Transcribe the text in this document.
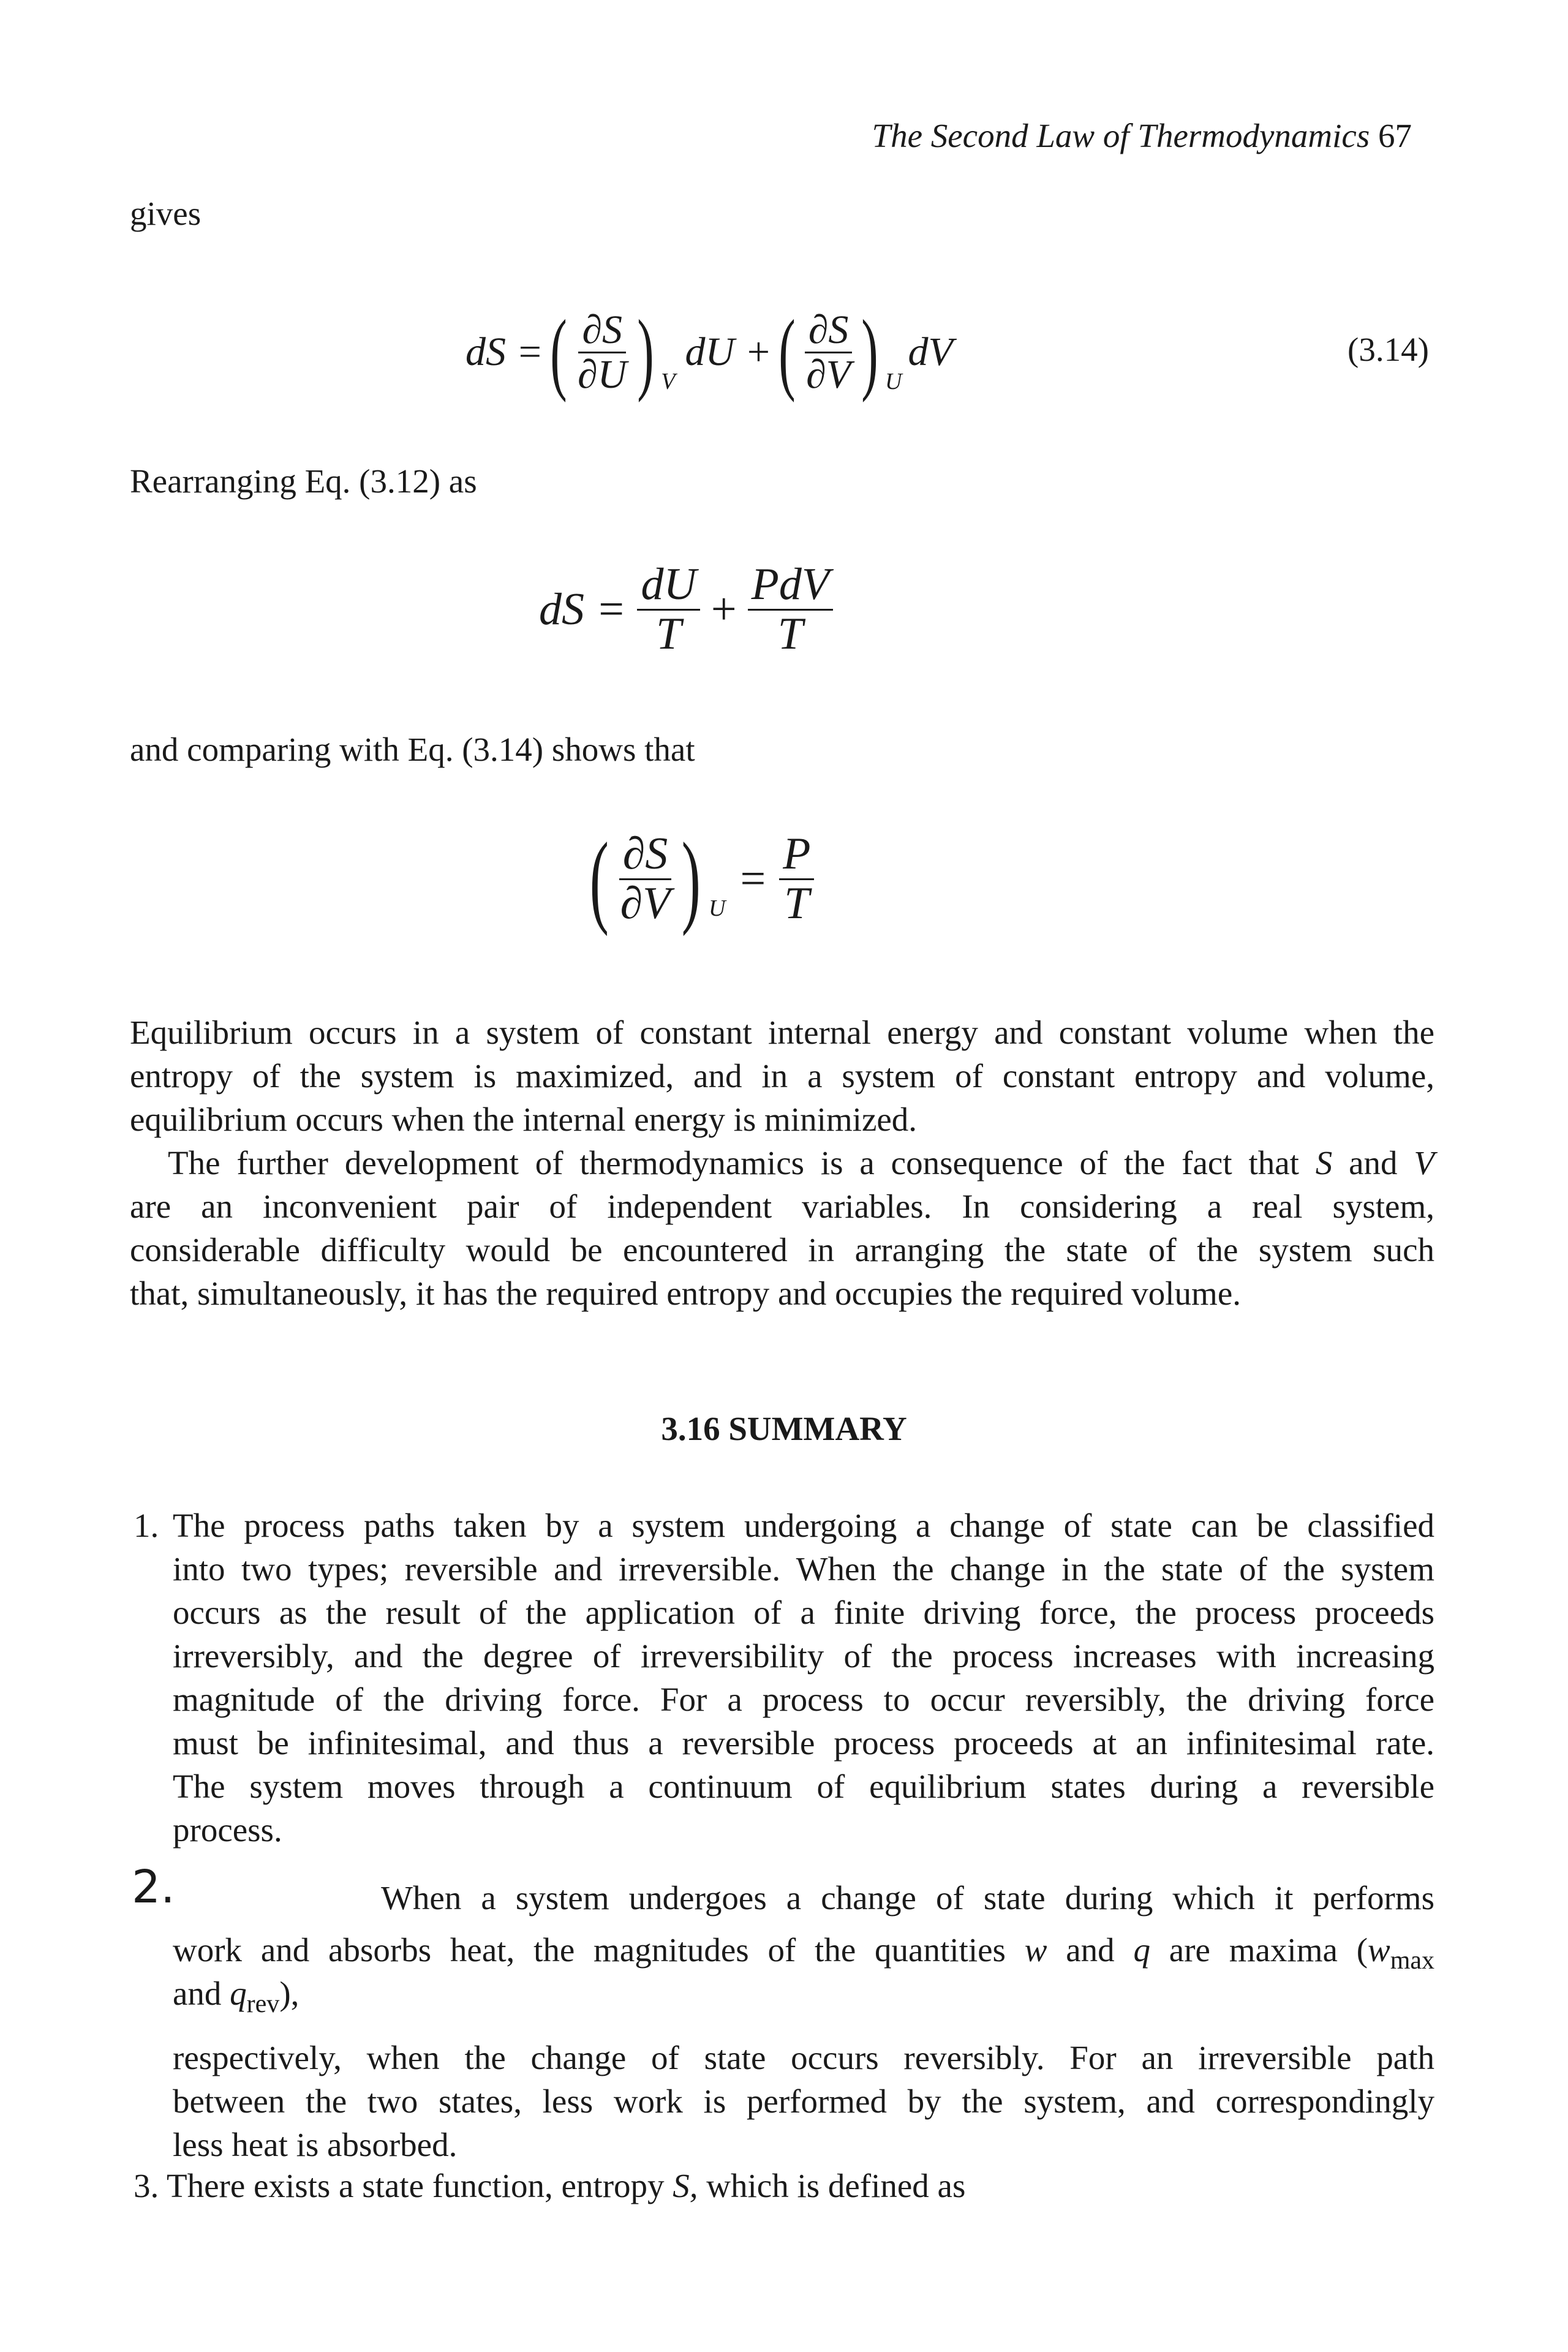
The Second Law of Thermodynamics 67
gives
dS = ( $\frac{\partial S}{\partial U}$ ) V
dU + ( $\frac{\partial S}{\partial V}$ ) U
dV	(3.14)
Rearranging Eq. (3.12) as
dS = $\frac{dU}{T} + \frac{\text{PdV}}{T}$
and comparing with Eq. (3.14) shows that
( $\frac{\partial S}{\partial V}$ ) U
= $\frac{P}{T}$
Equilibrium occurs in a system of constant internal energy and constant volume when the
entropy of the system is maximized, and in a system of constant entropy and volume,
equilibrium occurs when the internal energy is minimized.
The further development of thermodynamics is a consequence of the fact that S and V
are an inconvenient pair of independent variables. In considering a real system,
considerable difficulty would be encountered in arranging the state of the system such
that, simultaneously, it has the required entropy and occupies the required volume.
3.16 SUMMARY
1. The process paths taken by a system undergoing a change of state can be classified
into two types; reversible and irreversible. When the change in the state of the system
occurs as the result of the application of a finite driving force, the process proceeds
irreversibly, and the degree of irreversibility of the process increases with increasing
magnitude of the driving force. For a process to occur reversibly, the driving force
must be infinitesimal, and thus a reversible process proceeds at an infinitesimal rate.
The system moves through a continuum of equilibrium states during a reversible
process.
2.	When a system undergoes a change of state during which it performs
work and absorbs heat, the magnitudes of the quantities w and q are maxima ($w_{max}$
and $q_{rev}$),
respectively, when the change of state occurs reversibly. For an irreversible path
between the two states, less work is performed by the system, and correspondingly
less heat is absorbed.
3. There exists a state function, entropy S, which is defined as
